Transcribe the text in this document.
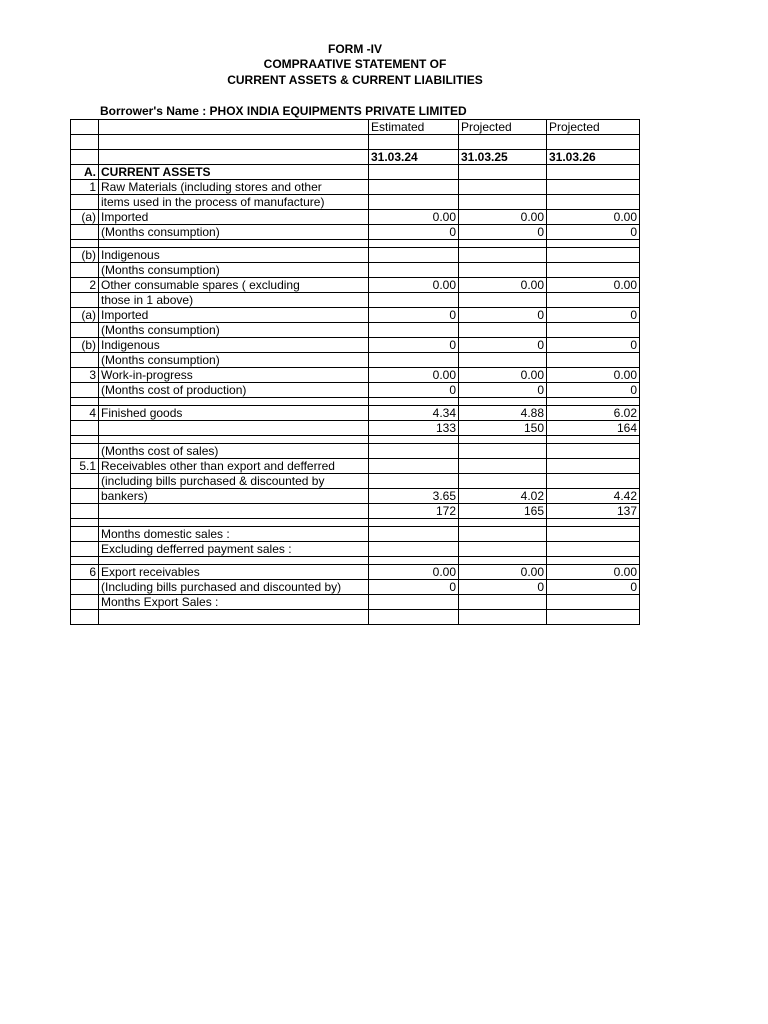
FORM -IV
COMPRAATIVE STATEMENT OF
CURRENT ASSETS & CURRENT LIABILITIES
Borrower's Name : PHOX INDIA EQUIPMENTS PRIVATE LIMITED
		Estimated	Projected	Projected

		31.03.24	31.03.25	31.03.26
A.	CURRENT ASSETS			
1	Raw Materials (including stores and other			
	items used in the process of manufacture)			
(a)	Imported	0.00	0.00	0.00
	(Months consumption)	0	0	0

(b)	Indigenous			
	(Months consumption)			
2	Other consumable spares ( excluding	0.00	0.00	0.00
	those in 1 above)			
(a)	Imported	0	0	0
	(Months consumption)			
(b)	Indigenous	0	0	0
	(Months consumption)			
3	Work-in-progress	0.00	0.00	0.00
	(Months cost of production)	0	0	0

4	Finished goods	4.34	4.88	6.02
		133	150	164

	(Months cost of sales)			
5.1	Receivables other than export and defferred			
	(including bills purchased & discounted by			
	bankers)	3.65	4.02	4.42
		172	165	137

	Months domestic sales :			
	Excluding defferred payment sales :			

6	Export receivables	0.00	0.00	0.00
	(Including bills purchased and discounted by)	0	0	0
	Months Export Sales :			
